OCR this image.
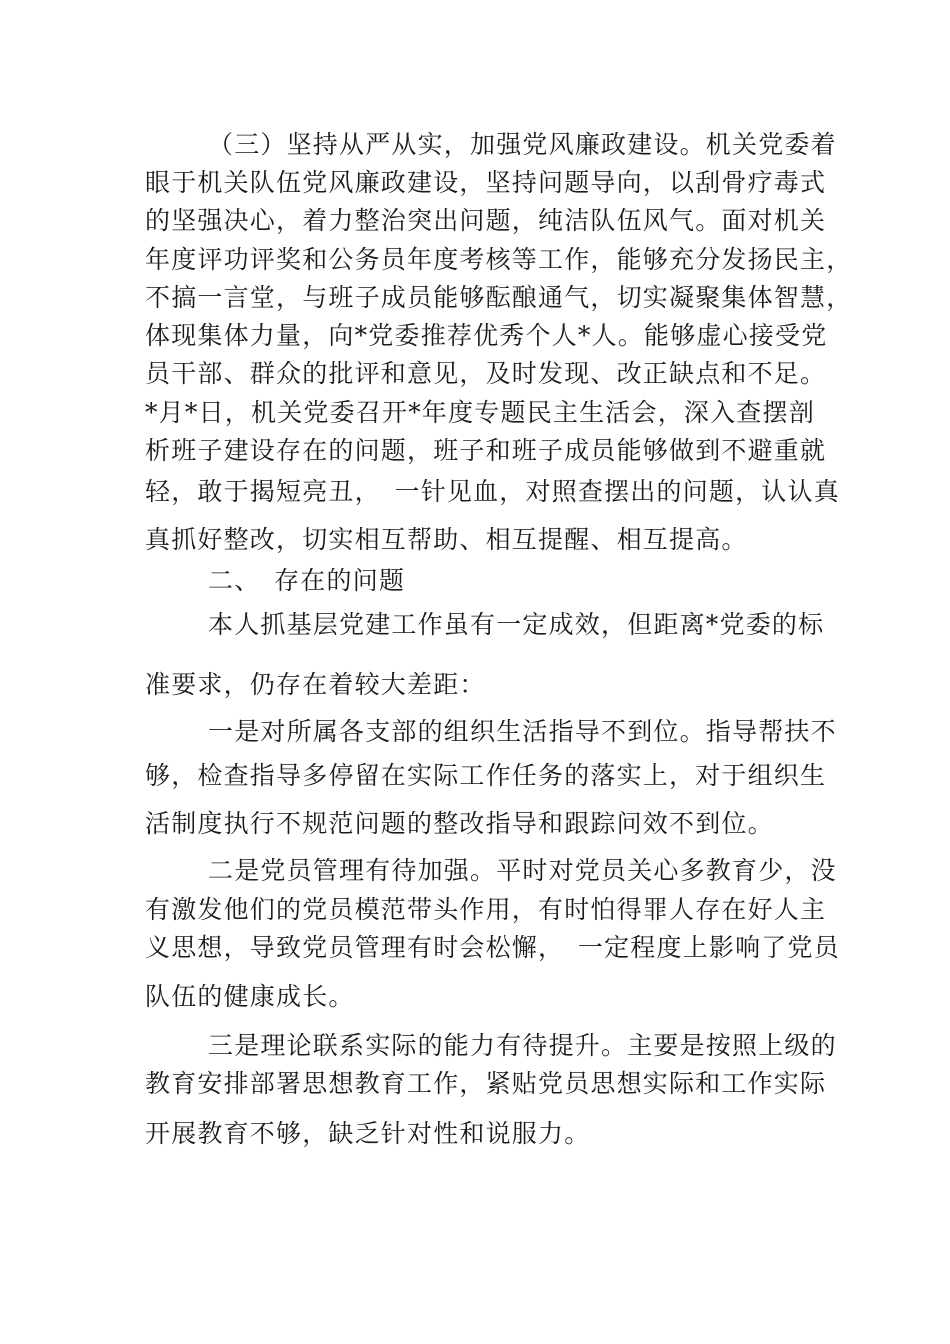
（三）坚持从严从实，加强党风廉政建设。机关党委着
眼于机关队伍党风廉政建设，坚持问题导向，以刮骨疗毒式
的坚强决心，着力整治突出问题，纯洁队伍风气。面对机关
年度评功评奖和公务员年度考核等工作，能够充分发扬民主，
不搞一言堂，与班子成员能够酝酿通气，切实凝聚集体智慧，
体现集体力量，向*党委推荐优秀个人*人。能够虚心接受党
员干部、群众的批评和意见，及时发现、改正缺点和不足。
*月*日，机关党委召开*年度专题民主生活会，深入查摆剖
析班子建设存在的问题，班子和班子成员能够做到不避重就
轻，敢于揭短亮丑，　一针见血，对照查摆出的问题，认认真
真抓好整改，切实相互帮助、相互提醒、相互提高。
二、　存在的问题
本人抓基层党建工作虽有一定成效，但距离*党委的标
准要求，仍存在着较大差距：
一是对所属各支部的组织生活指导不到位。指导帮扶不
够，检查指导多停留在实际工作任务的落实上，对于组织生
活制度执行不规范问题的整改指导和跟踪问效不到位。
二是党员管理有待加强。平时对党员关心多教育少，没
有激发他们的党员模范带头作用，有时怕得罪人存在好人主
义思想，导致党员管理有时会松懈，　一定程度上影响了党员
队伍的健康成长。
三是理论联系实际的能力有待提升。主要是按照上级的
教育安排部署思想教育工作，紧贴党员思想实际和工作实际
开展教育不够，缺乏针对性和说服力。
